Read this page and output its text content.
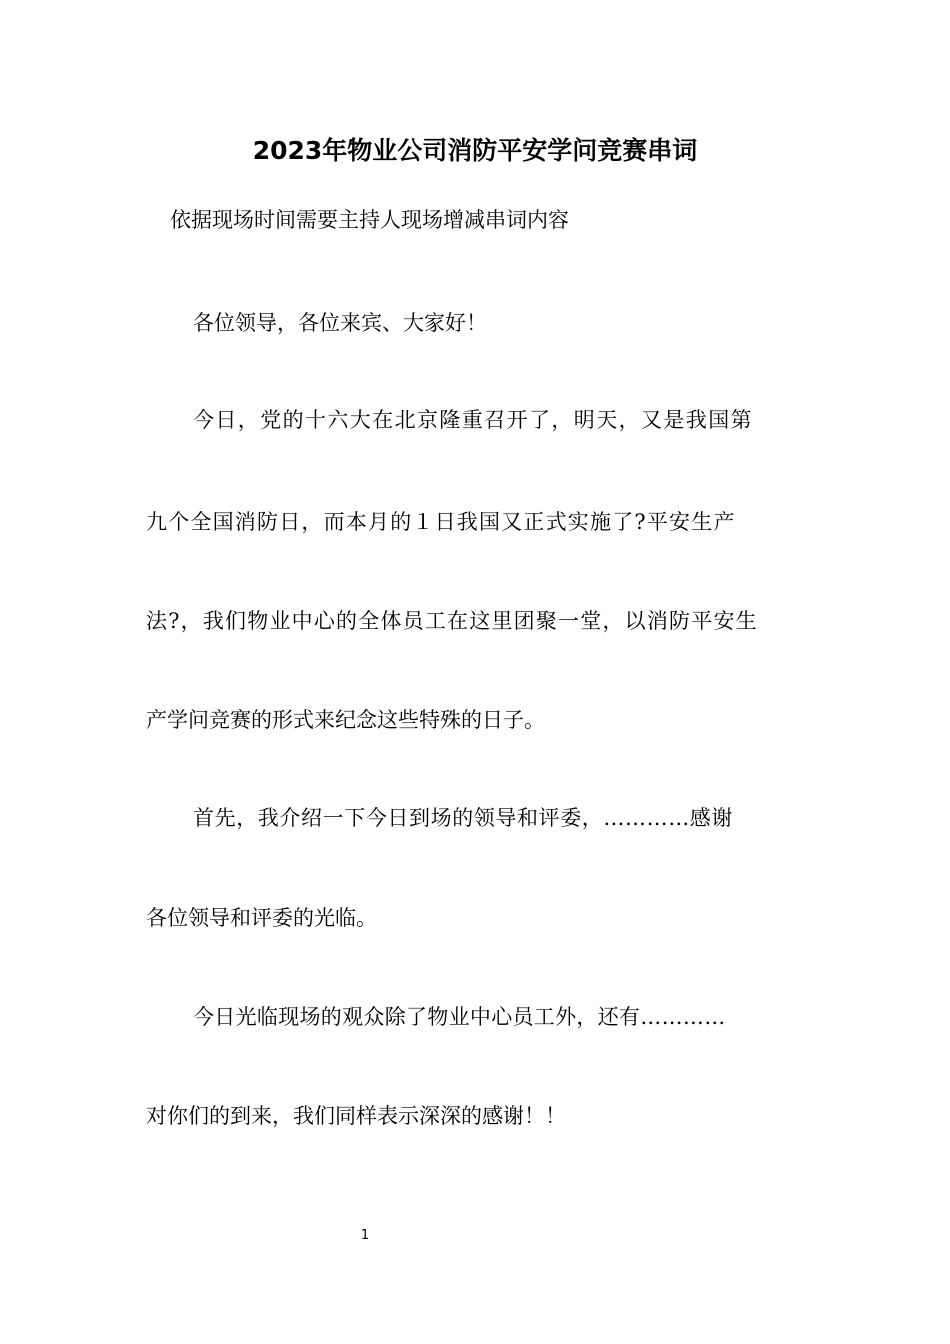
2023年物业公司消防平安学问竞赛串词
依据现场时间需要主持人现场增减串词内容
各位领导，各位来宾、大家好！
今日，党的十六大在北京隆重召开了，明天，又是我国第
九个全国消防日，而本月的１日我国又正式实施了?平安生产
法?，我们物业中心的全体员工在这里团聚一堂，以消防平安生
产学问竞赛的形式来纪念这些特殊的日子。
首先，我介绍一下今日到场的领导和评委，…………感谢
各位领导和评委的光临。
今日光临现场的观众除了物业中心员工外，还有…………
对你们的到来，我们同样表示深深的感谢！！
1
